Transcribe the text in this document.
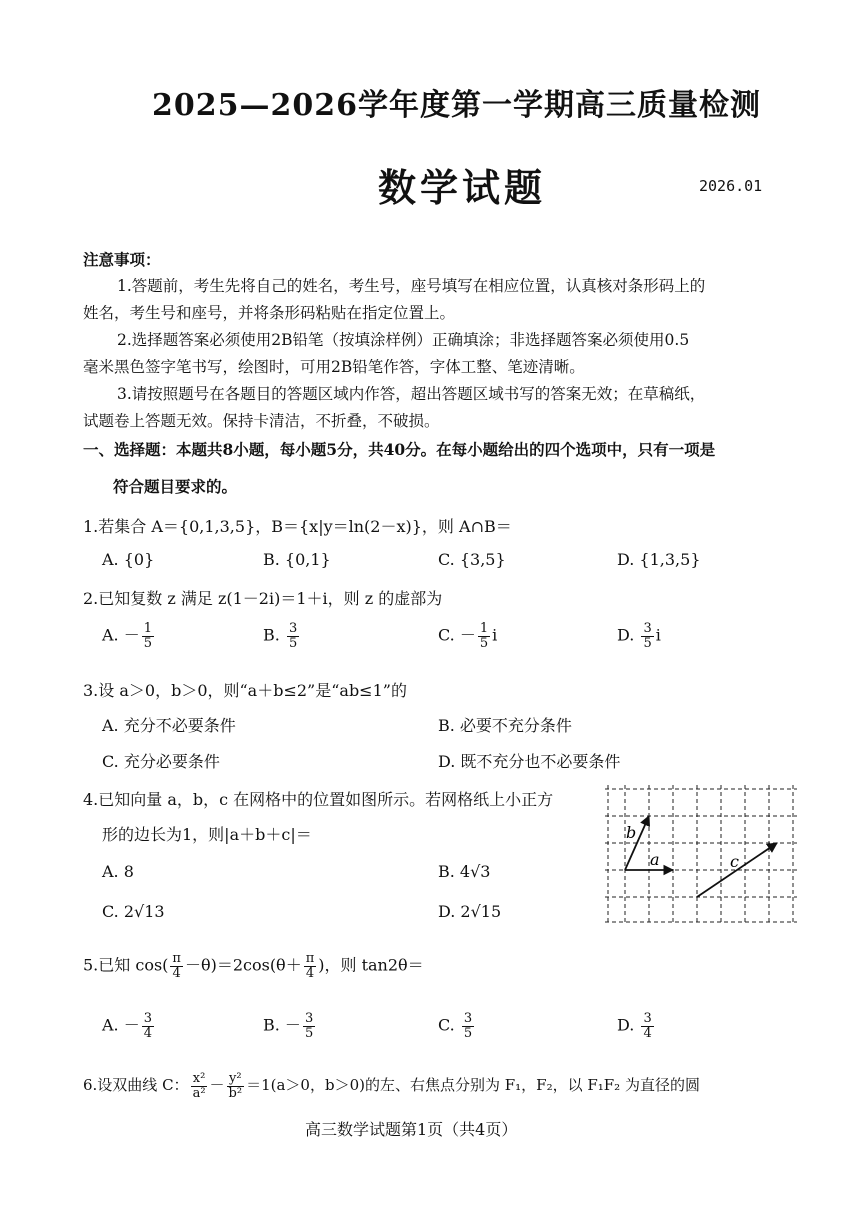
2025—2026学年度第一学期高三质量检测
数学试题	2026.01
注意事项：
1.答题前，考生先将自己的姓名，考生号，座号填写在相应位置，认真核对条形码上的
姓名，考生号和座号，并将条形码粘贴在指定位置上。
2.选择题答案必须使用2B铅笔（按填涂样例）正确填涂；非选择题答案必须使用0.5
毫米黑色签字笔书写，绘图时，可用2B铅笔作答，字体工整、笔迹清晰。
3.请按照题号在各题目的答题区域内作答，超出答题区域书写的答案无效；在草稿纸，
试题卷上答题无效。保持卡清洁，不折叠，不破损。
一、选择题：本题共8小题，每小题5分，共40分。在每小题给出的四个选项中，只有一项是
符合题目要求的。
1.若集合 A＝{0,1,3,5}，B＝{x|y＝ln(2－x)}，则 A∩B＝
A. {0}	B. {0,1}	C. {3,5}	D. {1,3,5}
2.已知复数 z 满足 z(1－2i)＝1＋i，则 z 的虚部为
A. － $\frac{1}{5}$	B. $\frac{3}{5}$	C. － $\frac{1}{5}$ i	D. $\frac{3}{5}$ i
3.设 a＞0，b＞0，则“a＋b≤2”是“ab≤1”的
A. 充分不必要条件	B. 必要不充分条件
C. 充分必要条件	D. 既不充分也不必要条件
4.已知向量 a，b，c 在网格中的位置如图所示。若网格纸上小正方
形的边长为1，则|a＋b＋c|＝
A. 8	B. 4√3
C. 2√13	D. 2√15
b
a	c
5.已知 $\cos( \frac{\pi}{4} -\theta)=2\cos(\theta+ \frac{\pi}{4}$ )，则 tan2θ＝
A. － $\frac{3}{4}$	B. － $\frac{3}{5}$	C. $\frac{3}{5}$	D. $\frac{3}{4}$
6.设双曲线 C： $\frac{\text{x²}}{\text{a²}} - \frac{\text{y²}}{\text{b²}} =1(a>0$，b＞0)的左、右焦点分别为 F₁，F₂，以 F₁F₂ 为直径的圆
高三数学试题第1页（共4页）
